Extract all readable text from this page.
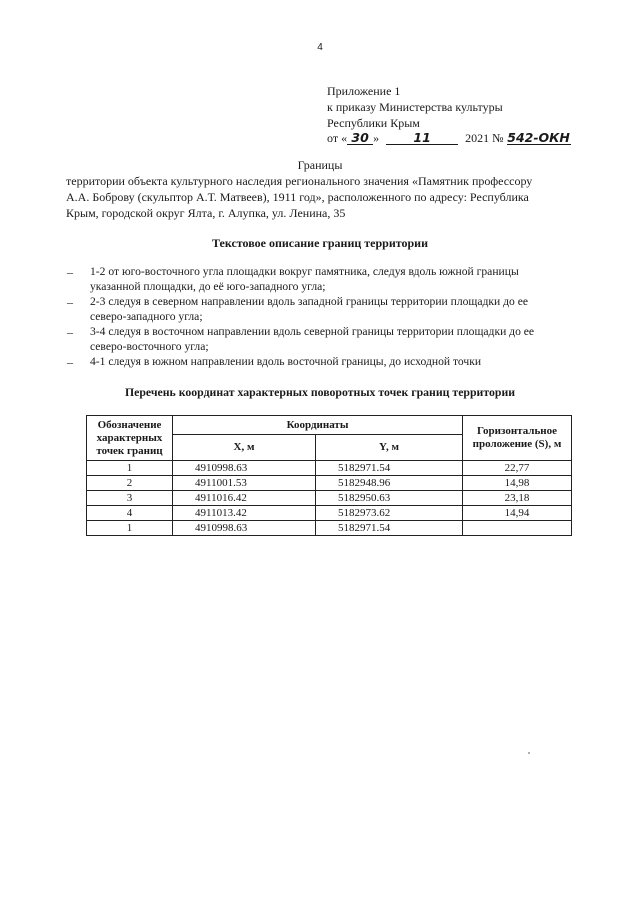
4
Приложение 1
к приказу Министерства культуры
Республики Крым
от « 30 »	11	2021 № 542-ОКН
Границы
территории объекта культурного наследия регионального значения «Памятник профессору
А.А. Боброву (скульптор А.Т. Матвеев), 1911 год», расположенного по адресу: Республика
Крым, городской округ Ялта, г. Алупка, ул. Ленина, 35
Текстовое описание границ территории
– 1-2 от юго-восточного угла площадки вокруг памятника, следуя вдоль южной границы
указанной площадки, до её юго-западного угла;
– 2-3 следуя в северном направлении вдоль западной границы территории площадки до ее
северо-западного угла;
– 3-4 следуя в восточном направлении вдоль северной границы территории площадки до ее
северо-восточного угла;
– 4-1 следуя в южном направлении вдоль восточной границы, до исходной точки
Перечень координат характерных поворотных точек границ территории
Обозначение характерных точек границ	Координаты		Горизонтальное проложение (S), м
	X, м	Y, м	
1	4910998.63	5182971.54	22,77
2	4911001.53	5182948.96	14,98
3	4911016.42	5182950.63	23,18
4	4911013.42	5182973.62	14,94
1	4910998.63	5182971.54	
